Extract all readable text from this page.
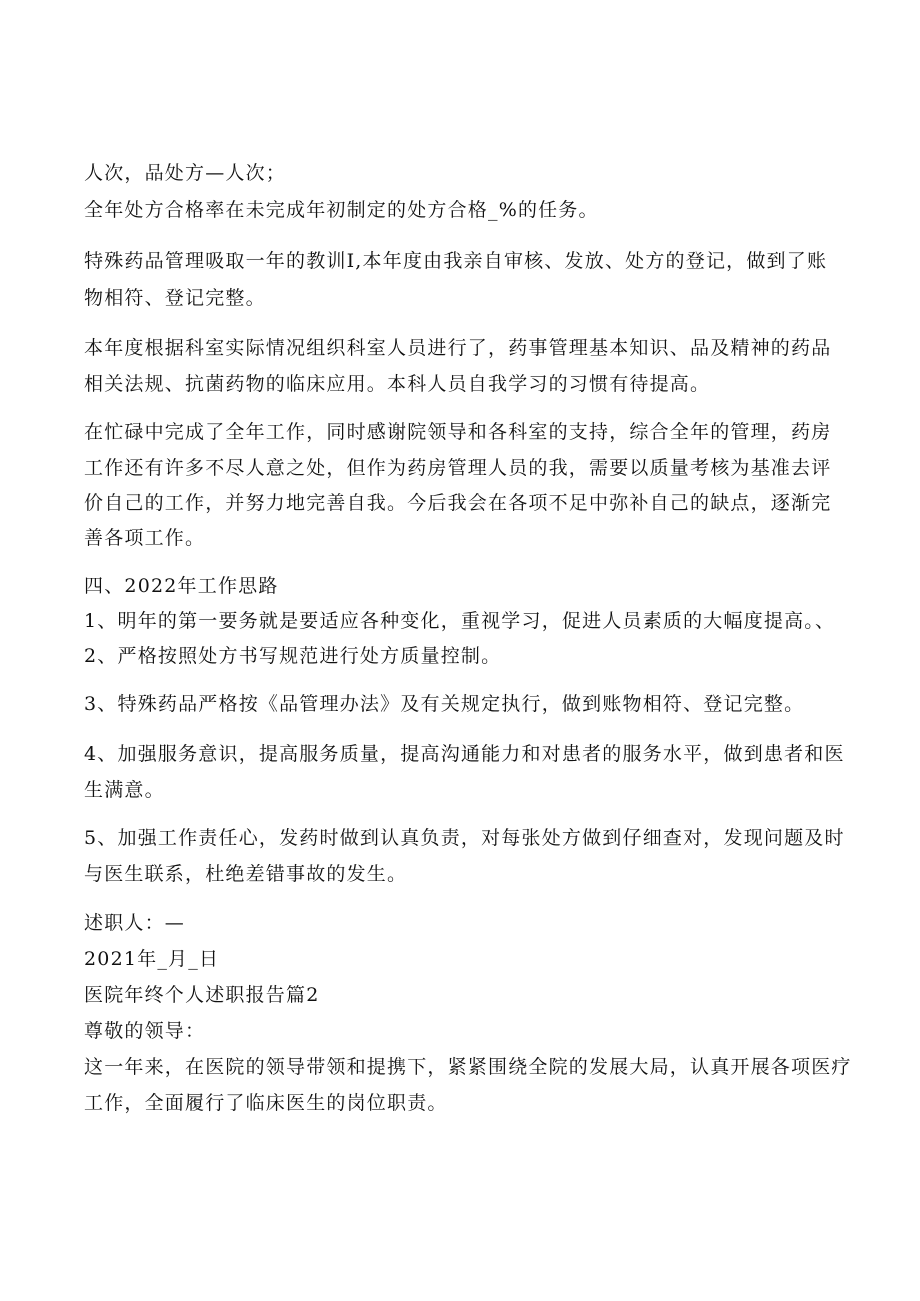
人次，品处方—人次；
全年处方合格率在未完成年初制定的处方合格_%的任务。
特殊药品管理吸取一年的教训I,本年度由我亲自审核、发放、处方的登记，做到了账
物相符、登记完整。
本年度根据科室实际情况组织科室人员进行了，药事管理基本知识、品及精神的药品
相关法规、抗菌药物的临床应用。本科人员自我学习的习惯有待提高。
在忙碌中完成了全年工作，同时感谢院领导和各科室的支持，综合全年的管理，药房
工作还有许多不尽人意之处，但作为药房管理人员的我，需要以质量考核为基准去评
价自己的工作，并努力地完善自我。今后我会在各项不足中弥补自己的缺点，逐渐完
善各项工作。
四、2022年工作思路
1、明年的第一要务就是要适应各种变化，重视学习，促进人员素质的大幅度提高。、
2、严格按照处方书写规范进行处方质量控制。
3、特殊药品严格按《品管理办法》及有关规定执行，做到账物相符、登记完整。
4、加强服务意识，提高服务质量，提高沟通能力和对患者的服务水平，做到患者和医
生满意。
5、加强工作责任心，发药时做到认真负责，对每张处方做到仔细查对，发现问题及时
与医生联系，杜绝差错事故的发生。
述职人：—
2021年_月_日
医院年终个人述职报告篇2
尊敬的领导：
这一年来，在医院的领导带领和提携下，紧紧围绕全院的发展大局，认真开展各项医疗
工作，全面履行了临床医生的岗位职责。
